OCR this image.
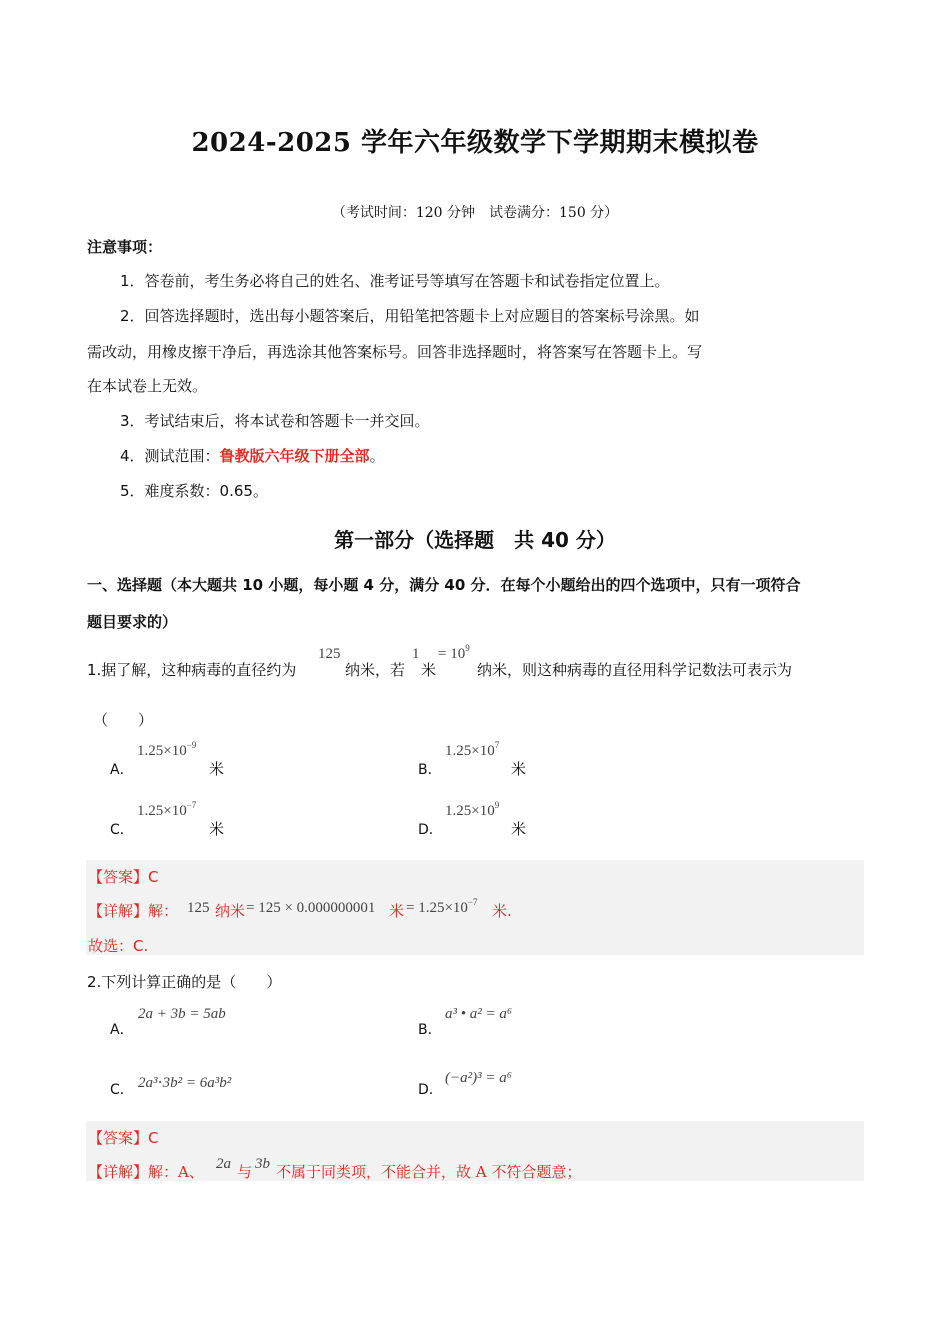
2024-2025 学年六年级数学下学期期末模拟卷
（考试时间：120 分钟　试卷满分：150 分）
注意事项：
1．答卷前，考生务必将自己的姓名、准考证号等填写在答题卡和试卷指定位置上。
2．回答选择题时，选出每小题答案后，用铅笔把答题卡上对应题目的答案标号涂黑。如
需改动，用橡皮擦干净后，再选涂其他答案标号。回答非选择题时，将答案写在答题卡上。写
在本试卷上无效。
3．考试结束后，将本试卷和答题卡一并交回。
4．测试范围：鲁教版六年级下册全部。
5．难度系数：0.65。
第一部分（选择题　共 40 分）
一、选择题（本大题共 10 小题，每小题 4 分，满分 40 分．在每个小题给出的四个选项中，只有一项符合
题目要求的）
1.据了解，这种病毒的直径约为
125
纳米，若
1
米
= $10^9$
纳米，则这种病毒的直径用科学记数法可表示为
（　　）
A．
$1.25\times 10^{-9}$
米	B．
$1.25\times 10^7$
米
C．
$1.25\times 10^{-7}$
米	D．
$1.25\times 10^9$
米
【答案】C
【详解】解： 125 纳米 = 125 × 0.000000001 米 = $1.25\times 10^{-7}$ 米.
故选：C.
2.下列计算正确的是（　　）
A．
2a + 3b = 5ab
B．
a³ • a² = a⁶
C． 2a³⋅3b² = 6a³b²	D．
(−a²)³ = a⁶
【答案】C
【详解】解：A、 2a 与 3b 不属于同类项，不能合并，故 A 不符合题意；
